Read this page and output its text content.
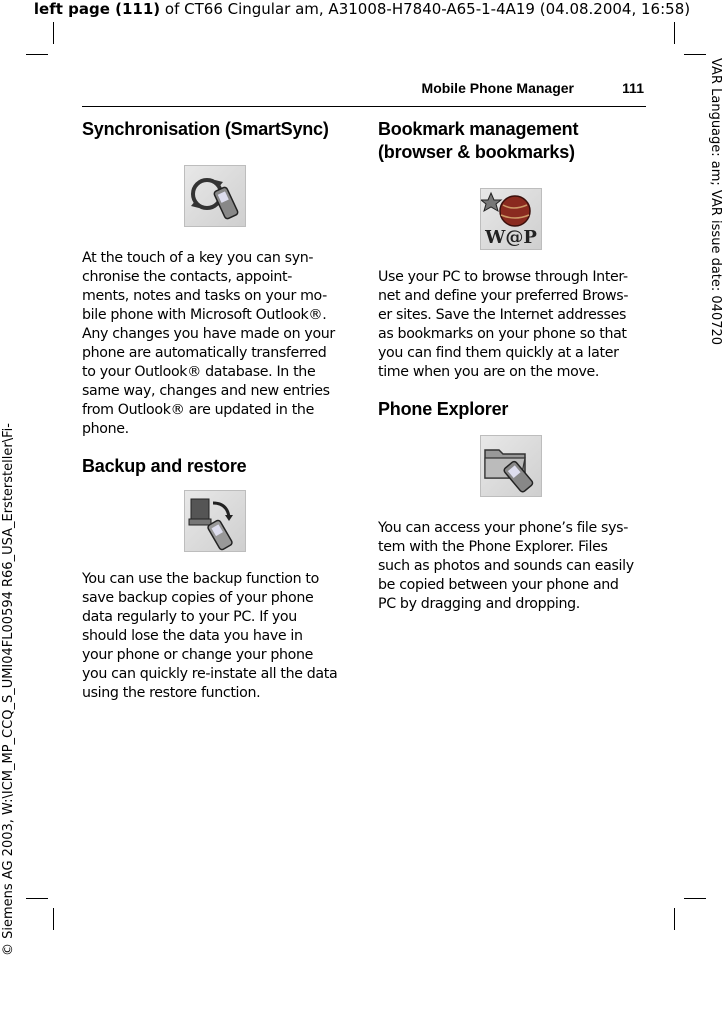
left page (111) of CT66 Cingular am, A31008-H7840-A65-1-4A19 (04.08.2004, 16:58)
© Siemens AG 2003, W:\ICM_MP_CCQ_S_UMI04FL00594 R66_USA_Erstersteller\Fi-
VAR Language: am; VAR issue date: 040720
Mobile Phone Manager	111
Synchronisation (SmartSync)

At the touch of a key you can syn-
chronise the contacts, appoint-
ments, notes and tasks on your mo-
bile phone with Microsoft Outlook®.
Any changes you have made on your
phone are automatically transferred
to your Outlook® database. In the
same way, changes and new entries
from Outlook® are updated in the
phone.

Backup and restore

You can use the backup function to
save backup copies of your phone
data regularly to your PC. If you
should lose the data you have in
your phone or change your phone
you can quickly re-instate all the data
using the restore function.

Bookmark management
(browser & bookmarks)
W@P

Use your PC to browse through Inter-
net and define your preferred Brows-
er sites. Save the Internet addresses
as bookmarks on your phone so that
you can find them quickly at a later
time when you are on the move.

Phone Explorer

You can access your phone’s file sys-
tem with the Phone Explorer. Files
such as photos and sounds can easily
be copied between your phone and
PC by dragging and dropping.
